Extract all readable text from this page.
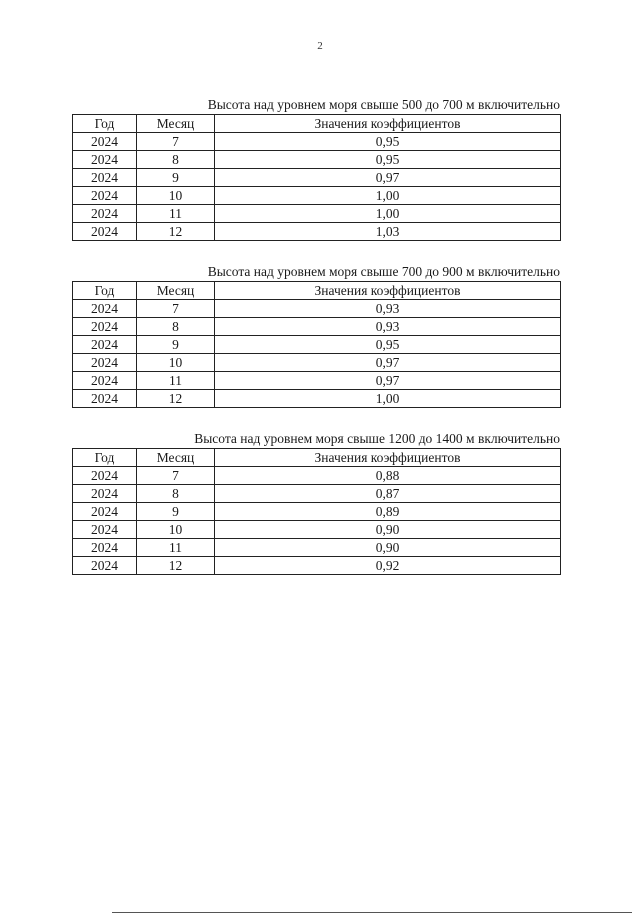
2
Высота над уровнем моря свыше 500 до 700 м включительно
Год	Месяц	Значения коэффициентов
2024	7	0,95
2024	8	0,95
2024	9	0,97
2024	10	1,00
2024	11	1,00
2024	12	1,03
Высота над уровнем моря свыше 700 до 900 м включительно
Год	Месяц	Значения коэффициентов
2024	7	0,93
2024	8	0,93
2024	9	0,95
2024	10	0,97
2024	11	0,97
2024	12	1,00
Высота над уровнем моря свыше 1200 до 1400 м включительно
Год	Месяц	Значения коэффициентов
2024	7	0,88
2024	8	0,87
2024	9	0,89
2024	10	0,90
2024	11	0,90
2024	12	0,92
